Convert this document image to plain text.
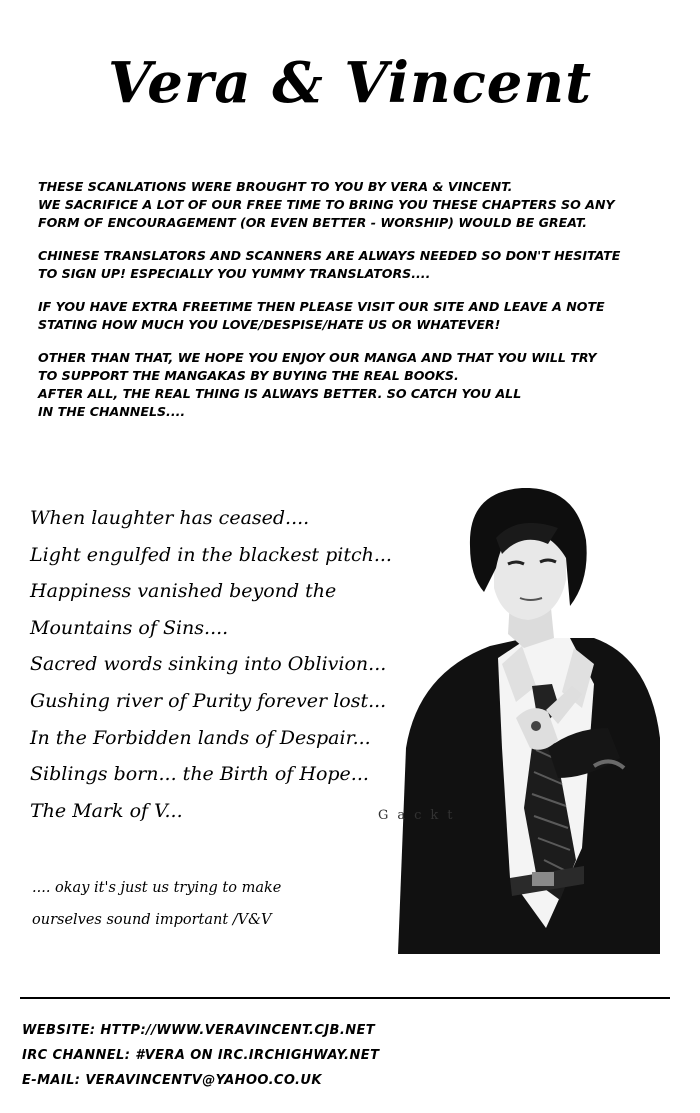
Vera & Vincent

THESE SCANLATIONS WERE BROUGHT TO YOU BY VERA & VINCENT.
WE SACRIFICE A LOT OF OUR FREE TIME TO BRING YOU THESE CHAPTERS SO ANY
FORM OF ENCOURAGEMENT (OR EVEN BETTER - WORSHIP) WOULD BE GREAT.

CHINESE TRANSLATORS AND SCANNERS ARE ALWAYS NEEDED SO DON'T HESITATE
TO SIGN UP! ESPECIALLY YOU YUMMY TRANSLATORS....

IF YOU HAVE EXTRA FREETIME THEN PLEASE VISIT OUR SITE AND LEAVE A NOTE
STATING HOW MUCH YOU LOVE/DESPISE/HATE US OR WHATEVER!

OTHER THAN THAT, WE HOPE YOU ENJOY OUR MANGA AND THAT YOU WILL TRY
TO SUPPORT THE MANGAKAS BY BUYING THE REAL BOOKS.
AFTER ALL, THE REAL THING IS ALWAYS BETTER. SO CATCH YOU ALL
IN THE CHANNELS....

When laughter has ceased....
Light engulfed in the blackest pitch...
Happiness vanished beyond the
Mountains of Sins....
Sacred words sinking into Oblivion...
Gushing river of Purity forever lost...
In the Forbidden lands of Despair...
Siblings born... the Birth of Hope...
The Mark of V...
.... okay it's just us trying to make
ourselves sound important /V&V
Gackt
WEBSITE: HTTP://WWW.VERAVINCENT.CJB.NET
IRC CHANNEL: #VERA ON IRC.IRCHIGHWAY.NET
E-MAIL: VERAVINCENTV@YAHOO.CO.UK
